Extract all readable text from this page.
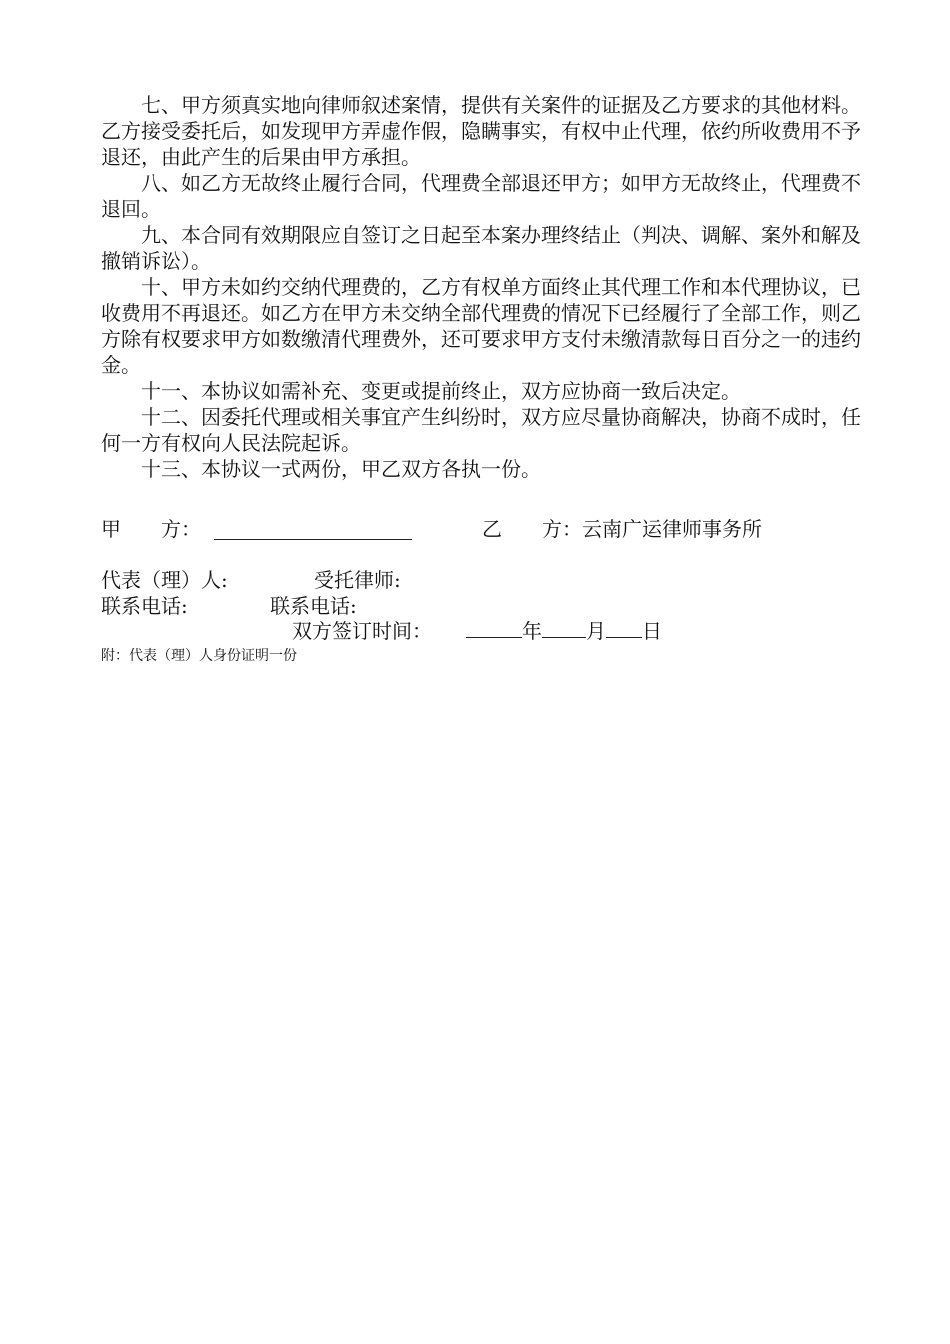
七、甲方须真实地向律师叙述案情，提供有关案件的证据及乙方要求的其他材料。乙方接受委托后，如发现甲方弄虚作假，隐瞒事实，有权中止代理，依约所收费用不予退还，由此产生的后果由甲方承担。

八、如乙方无故终止履行合同，代理费全部退还甲方；如甲方无故终止，代理费不退回。

九、本合同有效期限应自签订之日起至本案办理终结止（判决、调解、案外和解及撤销诉讼）。

十、甲方未如约交纳代理费的，乙方有权单方面终止其代理工作和本代理协议，已收费用不再退还。如乙方在甲方未交纳全部代理费的情况下已经履行了全部工作，则乙方除有权要求甲方如数缴清代理费外，还可要求甲方支付未缴清款每日百分之一的违约金。

十一、本协议如需补充、变更或提前终止，双方应协商一致后决定。

十二、因委托代理或相关事宜产生纠纷时，双方应尽量协商解决，协商不成时，任何一方有权向人民法院起诉。

十三、本协议一式两份，甲乙双方各执一份。

甲　　方：	乙　　方：云南广运律师事务所
代表（理）人:	受托律师:
联系电话:	联系电话:
双方签订时间：	年 月 日
附：代表（理）人身份证明一份
